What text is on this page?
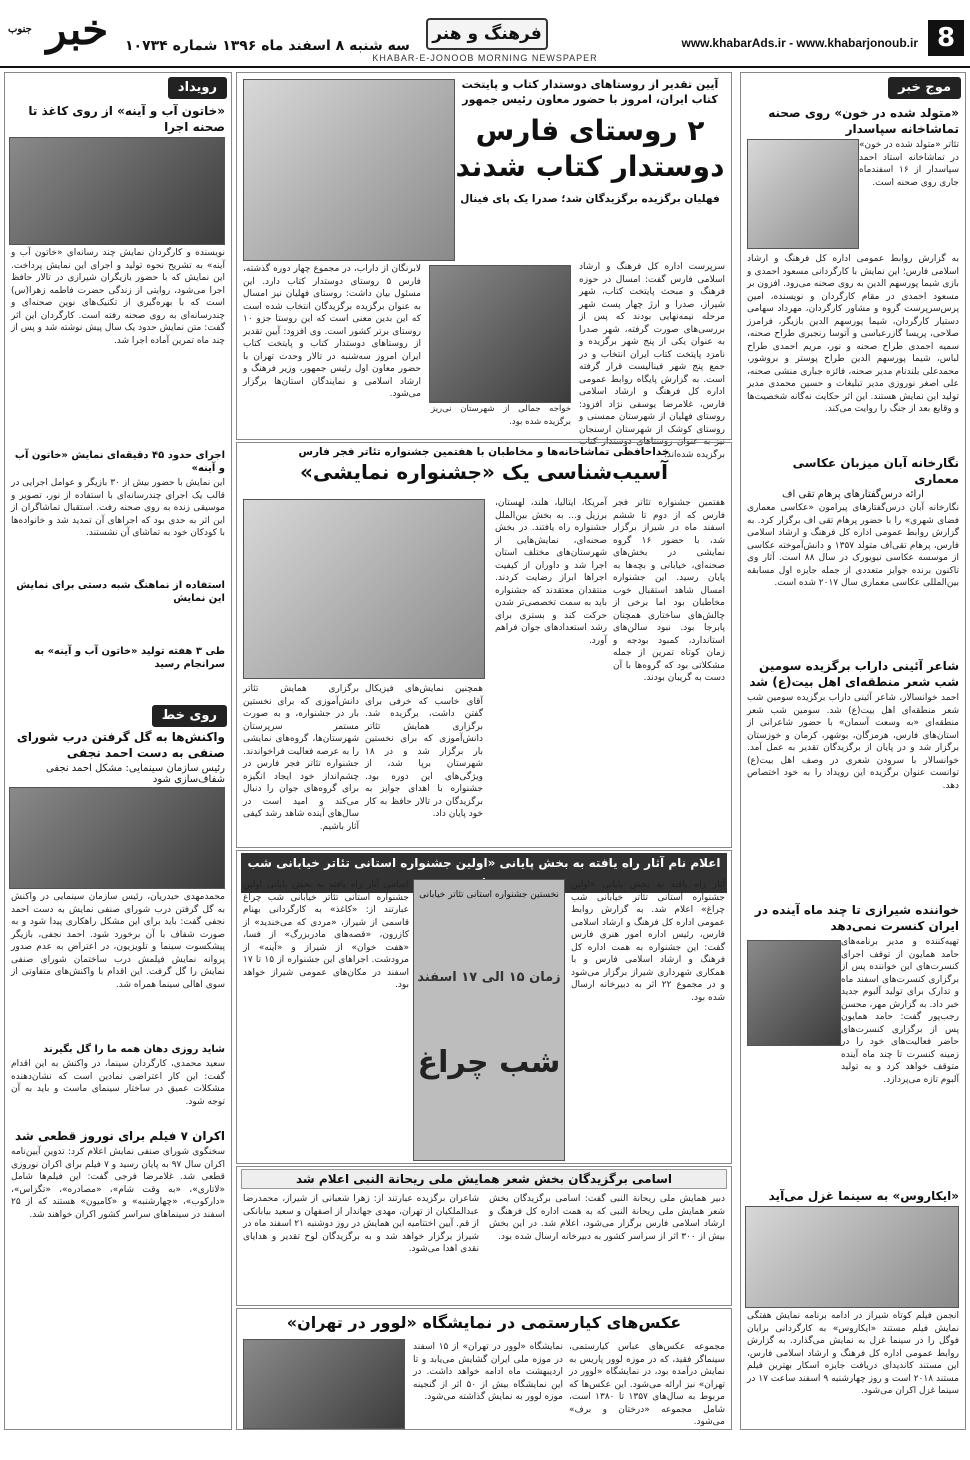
خبر $^{جنوب}$
سه شنبه ۸ اسفند ماه ۱۳۹۶ شماره ۱۰۷۳۴
فرهنگ و هنر	www.khabarAds.ir - www.khabarjonoub.ir 8
KHABAR-E-JONOOB MORNING NEWSPAPER
موج خبر
«متولد شده در خون» روی صحنه تماشاخانه سپاسدار
تئاتر «متولد شده در خون» در تماشاخانه استاد احمد سپاسدار از ۱۶ اسفندماه جاری روی صحنه است.
به گزارش روابط عمومی اداره کل فرهنگ و ارشاد اسلامی فارس؛ این نمایش با کارگردانی مسعود احمدی و بازی شیما پورسهم الدین به روی صحنه می‌رود. افزون بر مسعود احمدی در مقام کارگردان و نویسنده، امین پرس‌سرپرست گروه و مشاور کارگردان، مهرداد سهامی دستیار کارگردان، شیما پورسهم الدین بازیگر، فرامرز صلاحی، پریسا گازرعباسی و آتوسا رنجبری طراح صحنه، سمیه احمدی طراح صحنه و نور، مریم احمدی طراح لباس، شیما پورسهم الدین طراح پوستر و بروشور، محمدعلی بلند‌نام مدیر صحنه، فائزه جباری منشی صحنه، علی اصغر نوروزی مدیر تبلیغات و حسین محمدی مدیر تولید این نمایش هستند. این اثر حکایت نه‌گانه شخصیت‌ها و وقایع بعد از جنگ را روایت می‌کند.
نگارخانه آبان میزبان عکاسی معماری
ارائه درس‌گفتارهای پرهام تقی اف
نگارخانه آبان درس‌گفتارهای پیرامون «عکاسی معماری فضای شهری» را با حضور پرهام تقی اف برگزار کرد. به گزارش روابط عمومی اداره کل فرهنگ و ارشاد اسلامی فارس، پرهام تقی‌اف متولد ۱۳۵۷ و دانش‌آموخته عکاسی از موسسه عکاسی نیویورک در سال ۸۸ است. آثار وی تاکنون برنده جوایز متعددی از جمله جایزه اول مسابقه بین‌المللی عکاسی معماری سال ۲۰۱۷ شده است.
شاعر آئینی داراب برگزیده سومین شب شعر منطقه‌ای اهل بیت(ع) شد
احمد خوانسالار، شاعر آئینی داراب برگزیده سومین شب شعر منطقه‌ای اهل بیت(ع) شد. سومین شب شعر منطقه‌ای «به وسعت آسمان» با حضور شاعرانی از استان‌های فارس، هرمزگان، بوشهر، کرمان و خوزستان برگزار شد و در پایان از برگزیدگان تقدیر به عمل آمد. خوانسالار با سرودن شعری در وصف اهل بیت(ع) توانست عنوان برگزیده این رویداد را به خود اختصاص دهد.
خواننده شیرازی تا چند ماه آینده در ایران کنسرت نمی‌دهد
تهیه‌کننده و مدیر برنامه‌های حامد همایون از توقف اجرای کنسرت‌های این خواننده پس از برگزاری کنسرت‌های اسفند ماه و تدارک برای تولید آلبوم جدید خبر داد. به گزارش مهر، محسن رجب‌پور گفت: حامد همایون پس از برگزاری کنسرت‌های حاضر فعالیت‌های خود را در زمینه کنسرت تا چند ماه آینده متوقف خواهد کرد و به تولید آلبوم تازه می‌پردازد.
«ایکاروس» به سینما غزل می‌آید
انجمن فیلم کوتاه شیراز در ادامه برنامه نمایش هفتگی نمایش فیلم مستند «ایکاروس» به کارگردانی برایان فوگل را در سینما غزل به نمایش می‌گذارد. به گزارش روابط عمومی اداره کل فرهنگ و ارشاد اسلامی فارس، این مستند کاندیدای دریافت جایزه اسکار بهترین فیلم مستند ۲۰۱۸ است و روز چهارشنبه ۹ اسفند ساعت ۱۷ در سینما غزل اکران می‌شود.
آیین تقدیر از روستاهای دوستدار کتاب و پایتخت کتاب ایران، امروز با حضور معاون رئیس جمهور
۲ روستای فارس
دوستدار کتاب شدند
فهلیان برگزیده برگزیدگان شد؛ صدرا یک پای فینال
سرپرست اداره کل فرهنگ و ارشاد اسلامی فارس گفت: امسال در حوزه فرهنگ و مبحث پایتخت کتاب، شهر شیراز، صدرا و ارژ چهار پست شهر مرحله نیمه‌نهایی بودند که پس از بررسی‌های صورت گرفته، شهر صدرا به عنوان یکی از پنج شهر برگزیده و نامزد پایتخت کتاب ایران انتخاب و در جمع پنج شهر فینالیست قرار گرفته است. به گزارش پایگاه روابط عمومی اداره کل فرهنگ و ارشاد اسلامی فارس، غلامرضا یوسفی نژاد افزود: روستای فهلیان از شهرستان ممسنی و روستای کوشک از شهرستان ارسنجان نیز به عنوان روستاهای دوستدار کتاب برگزیده شده‌اند.
خواجه جمالی از شهرستان نی‌ریز برگزیده شده بود.
لابرنگان از داراب، در مجموع چهار دوره گذشته، فارس ۵ روستای دوستدار کتاب دارد. این مسئول بیان داشت: روستای فهلیان نیز امسال به عنوان برگزیده برگزیدگان انتخاب شده است که این بدین معنی است که این روستا جزو ۱۰ روستای برتر کشور است. وی افزود: آیین تقدیر از روستاهای دوستدار کتاب و پایتخت کتاب ایران امروز سه‌شنبه در تالار وحدت تهران با حضور معاون اول رئیس جمهور، وزیر فرهنگ و ارشاد اسلامی و نمایندگان استان‌ها برگزار می‌شود.
خداحافظی تماشاخانه‌ها و مخاطبان با هفتمین جشنواره تئاتر فجر فارس
آسیب‌شناسی یک «جشنواره نمایشی»
هفتمین جشنواره تئاتر فجر فارس که از دوم تا ششم اسفند ماه در شیراز برگزار شد، با حضور ۱۶ گروه نمایشی در بخش‌های صحنه‌ای، خیابانی و بچه‌ها به پایان رسید. این جشنواره امسال شاهد استقبال خوب مخاطبان بود اما برخی از چالش‌های ساختاری همچنان پابرجا بود. نبود سالن‌های استاندارد، کمبود بودجه و زمان کوتاه تمرین از جمله مشکلاتی بود که گروه‌ها با آن دست به گریبان بودند.
آمریکا، ایتالیا، هلند، لهستان، برزیل و... به بخش بین‌الملل جشنواره راه یافتند. در بخش صحنه‌ای، نمایش‌هایی از شهرستان‌های مختلف استان اجرا شد و داوران از کیفیت اجراها ابراز رضایت کردند. منتقدان معتقدند که جشنواره باید به سمت تخصصی‌تر شدن حرکت کند و بستری برای رشد استعدادهای جوان فراهم آورد.
همچنین نمایش‌های فیزیکال آقای خاسب که خرفی برای گفتن داشت، برگزیده شد. برگزاری همایش تئاتر دانش‌آموزی که برای نخستین بار برگزار شد و در ۱۸ شهرستان برپا شد، از ویژگی‌های این دوره بود. جشنواره با اهدای جوایز به برگزیدگان در تالار حافظ به کار خود پایان داد.
برگزاری همایش تئاتر دانش‌آموزی که برای نخستین بار در جشنواره، و به صورت مستمر سرپرستان شهرستان‌ها، گروه‌های نمایشی را به عرصه فعالیت فراخواندند. جشنواره تئاتر فجر فارس در چشم‌انداز خود ایجاد انگیزه برای گروه‌های جوان را دنبال می‌کند و امید است در سال‌های آینده شاهد رشد کیفی آثار باشیم.
اعلام نام آثار راه یافته به بخش پایانی «اولین جشنواره استانی تئاتر خیابانی شب
آثار راه یافته به بخش پایانی «اولین جشنواره استانی تئاتر خیابانی شب چراغ» اعلام شد. به گزارش روابط عمومی اداره کل فرهنگ و ارشاد اسلامی فارس، رئیس اداره امور هنری فارس گفت: این جشنواره به همت اداره کل فرهنگ و ارشاد اسلامی فارس و با همکاری شهرداری شیراز برگزار می‌شود و در مجموع ۲۲ اثر به دبیرخانه ارسال شده بود.
نخستین جشنواره استانی تئاتر خیابانی
زمان ۱۵ الی ۱۷ اسفند
شب چراغ
اسامی آثار راه یافته به بخش پایانی اولین جشنواره استانی تئاتر خیابانی شب چراغ عبارتند از: «کاغذ» به کارگردانی بهنام قاسمی از شیراز، «مردی که می‌خندید» از کازرون، «قصه‌های مادربزرگ» از فسا، «هفت خوان» از شیراز و «آینه» از مرودشت. اجراهای این جشنواره از ۱۵ تا ۱۷ اسفند در مکان‌های عمومی شیراز خواهد بود.
اسامی برگزیدگان بخش شعر همایش ملی ریحانة النبی اعلام شد
دبیر همایش ملی ریحانة النبی گفت: اسامی برگزیدگان بخش شعر همایش ملی ریحانة النبی که به همت اداره کل فرهنگ و ارشاد اسلامی فارس برگزار می‌شود، اعلام شد. در این بخش بیش از ۳۰۰ اثر از سراسر کشور به دبیرخانه ارسال شده بود.
شاعران برگزیده عبارتند از: زهرا شعبانی از شیراز، محمدرضا عبدالملکیان از تهران، مهدی جهاندار از اصفهان و سعید بیابانکی از قم. آیین اختتامیه این همایش در روز دوشنبه ۲۱ اسفند ماه در شیراز برگزار خواهد شد و به برگزیدگان لوح تقدیر و هدایای نقدی اهدا می‌شود.
عکس‌های کیارستمی در نمایشگاه «لوور در تهران»
مجموعه عکس‌های عباس کیارستمی، سینماگر فقید، که در موزه لوور پاریس به نمایش درآمده بود، در نمایشگاه «لوور در تهران» نیز ارائه می‌شود. این عکس‌ها که مربوط به سال‌های ۱۳۵۷ تا ۱۳۸۰ است، شامل مجموعه «درختان و برف» می‌شود.
نمایشگاه «لوور در تهران» از ۱۵ اسفند در موزه ملی ایران گشایش می‌یابد و تا اردیبهشت ماه ادامه خواهد داشت. در این نمایشگاه بیش از ۵۰ اثر از گنجینه موزه لوور به نمایش گذاشته می‌شود.
رویداد
«خاتون آب و آینه» از روی کاغذ تا صحنه اجرا
نویسنده و کارگردان نمایش چند رسانه‌ای «خاتون آب و آینه» به تشریح نحوه تولید و اجرای این نمایش پرداخت. این نمایش که با حضور بازیگران شیرازی در تالار حافظ اجرا می‌شود، روایتی از زندگی حضرت فاطمه زهرا(س) است که با بهره‌گیری از تکنیک‌های نوین صحنه‌ای و چندرسانه‌ای به روی صحنه رفته است. کارگردان این اثر گفت: متن نمایش حدود یک سال پیش نوشته شد و پس از چند ماه تمرین آماده اجرا شد.
اجرای حدود ۴۵ دقیقه‌ای نمایش «خاتون آب و آینه»
این نمایش با حضور بیش از ۳۰ بازیگر و عوامل اجرایی در قالب یک اجرای چندرسانه‌ای با استفاده از نور، تصویر و موسیقی زنده به روی صحنه رفت. استقبال تماشاگران از این اثر به حدی بود که اجراهای آن تمدید شد و خانواده‌ها با کودکان خود به تماشای آن نشستند.
استفاده از نماهنگ شبه دستی برای نمایش این نمایش
طی ۳ هفته تولید «خاتون آب و آینه» به سرانجام رسید
روی خط
واکنش‌ها به گل گرفتن درب شورای صنفی به دست احمد نجفی
رئیس سازمان سینمایی: مشکل احمد نجفی شفاف‌سازی شود
محمدمهدی حیدریان، رئیس سازمان سینمایی در واکنش به گل گرفتن درب شورای صنفی نمایش به دست احمد نجفی گفت: باید برای این مشکل راهکاری پیدا شود و به صورت شفاف با آن برخورد شود. احمد نجفی، بازیگر پیشکسوت سینما و تلویزیون، در اعتراض به عدم صدور پروانه نمایش فیلمش درب ساختمان شورای صنفی نمایش را گل گرفت. این اقدام با واکنش‌های متفاوتی از سوی اهالی سینما همراه شد.
شاید روزی دهان همه ما را گل بگیرند
سعید محمدی، کارگردان سینما، در واکنش به این اقدام گفت: این کار اعتراضی نمادین است که نشان‌دهنده مشکلات عمیق در ساختار سینمای ماست و باید به آن توجه شود.
اکران ۷ فیلم برای نوروز قطعی شد
سخنگوی شورای صنفی نمایش اعلام کرد: تدوین آیین‌نامه اکران سال ۹۷ به پایان رسید و ۷ فیلم برای اکران نوروزی قطعی شد. غلامرضا فرجی گفت: این فیلم‌ها شامل «لاتاری»، «به وقت شام»، «مصادره»، «تگزاس»، «دارکوب»، «چهارشنبه» و «کامیون» هستند که از ۲۵ اسفند در سینماهای سراسر کشور اکران خواهند شد.
